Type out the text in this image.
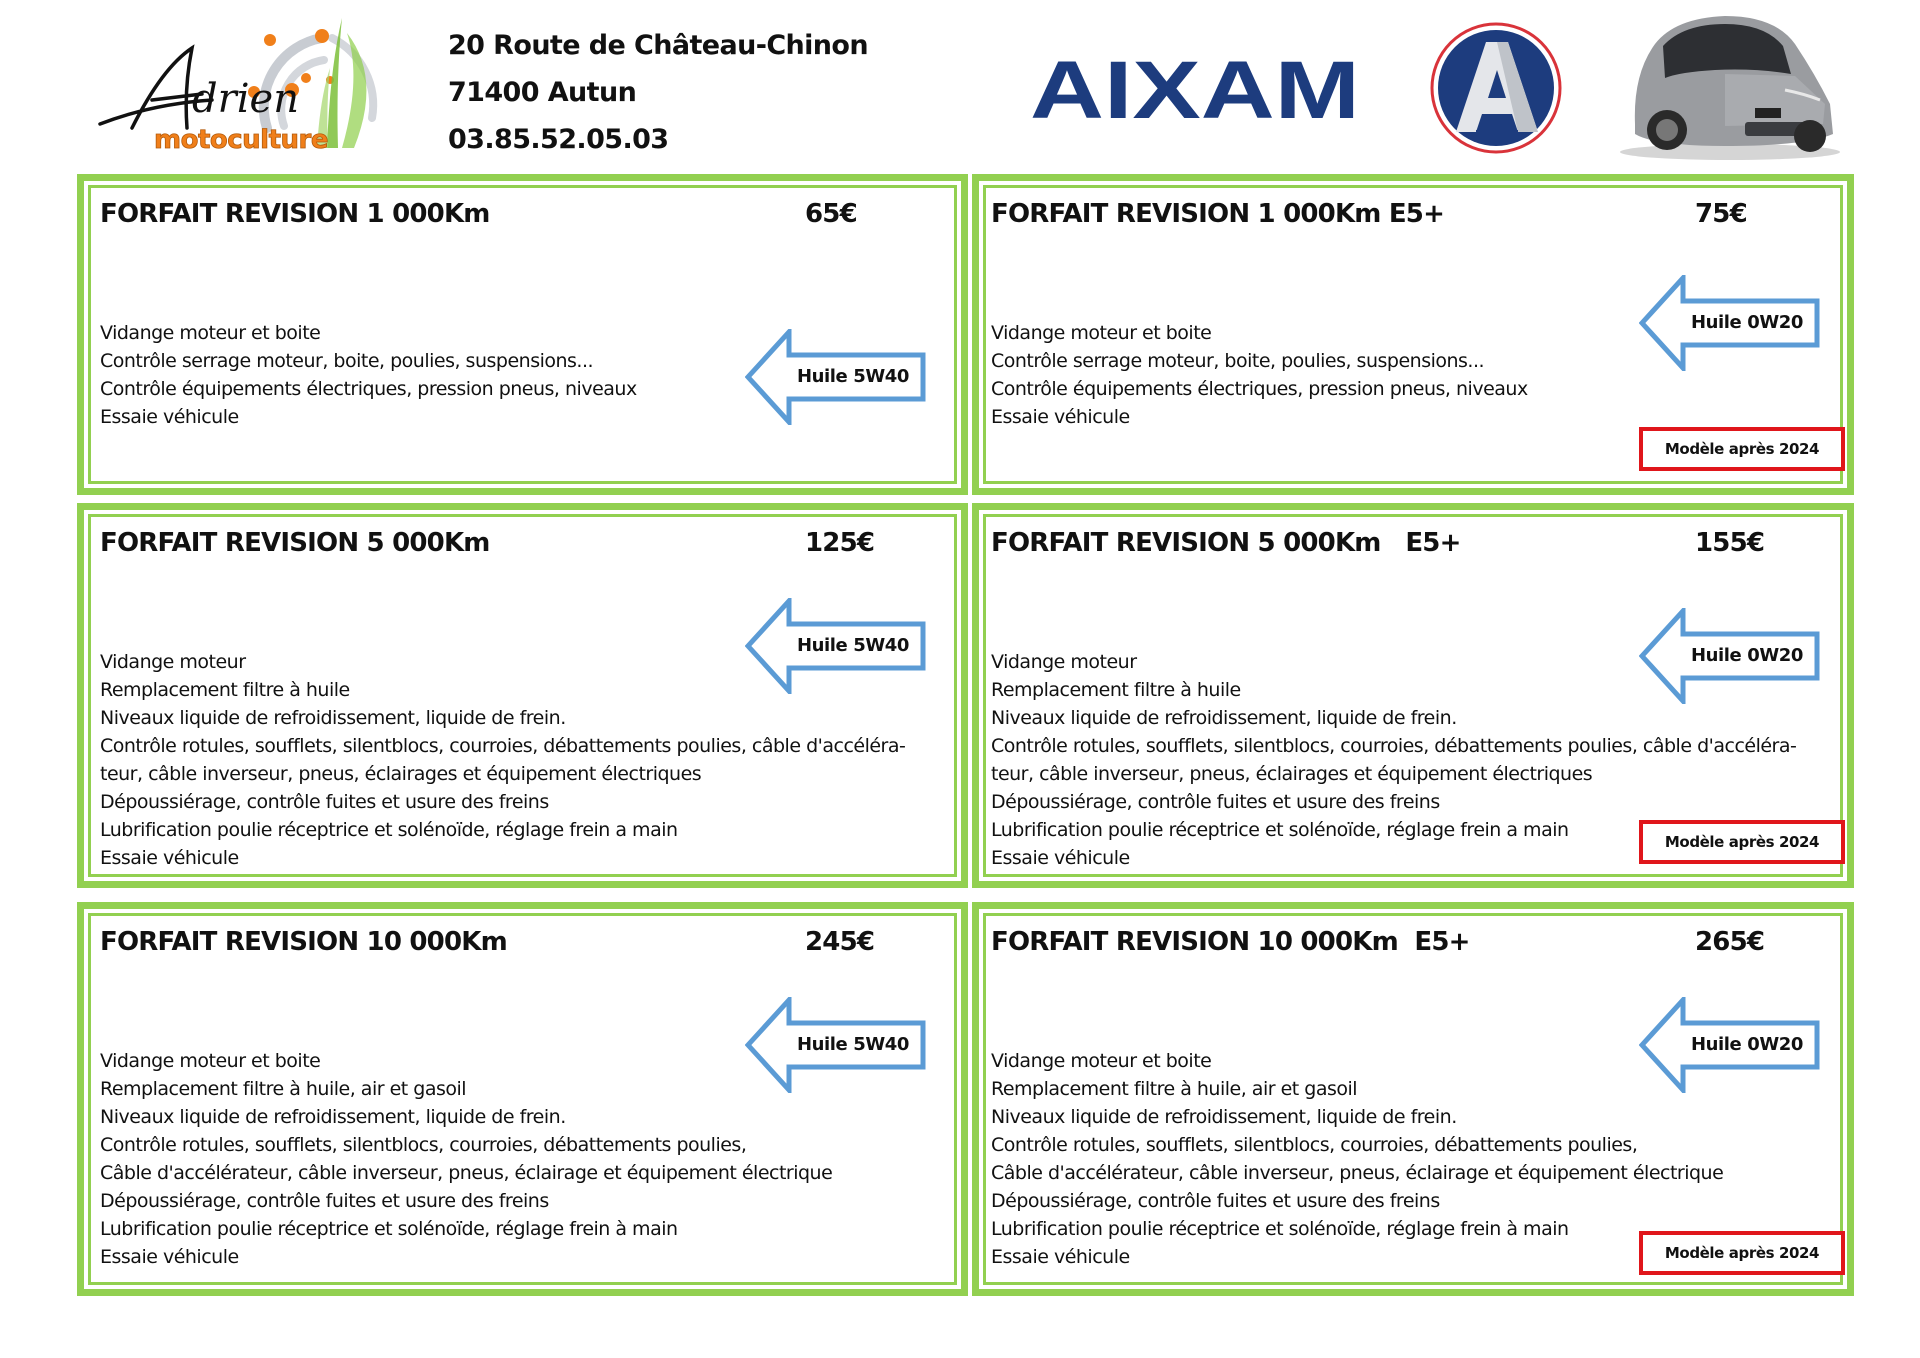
drien
motoculture
20 Route de Château-Chinon
71400 Autun
03.85.52.05.03
AIXAM
FORFAIT REVISION 1 000Km	65€
Vidange moteur et boite
Contrôle serrage moteur, boite, poulies, suspensions...
Contrôle équipements électriques, pression pneus, niveaux
Essaie véhicule
Huile 5W40
FORFAIT REVISION 1 000Km E5+	75€
Vidange moteur et boite
Contrôle serrage moteur, boite, poulies, suspensions...
Contrôle équipements électriques, pression pneus, niveaux
Essaie véhicule
Huile 0W20
Modèle après 2024
FORFAIT REVISION 5 000Km	125€
Vidange moteur
Remplacement filtre à huile
Niveaux liquide de refroidissement, liquide de frein.
Contrôle rotules, soufflets, silentblocs, courroies, débattements poulies, câble d'accéléra-
teur, câble inverseur, pneus, éclairages et équipement électriques
Dépoussiérage, contrôle fuites et usure des freins
Lubrification poulie réceptrice et solénoïde, réglage frein a main
Essaie véhicule
Huile 5W40
FORFAIT REVISION 5 000Km   E5+	155€
Vidange moteur
Remplacement filtre à huile
Niveaux liquide de refroidissement, liquide de frein.
Contrôle rotules, soufflets, silentblocs, courroies, débattements poulies, câble d'accéléra-
teur, câble inverseur, pneus, éclairages et équipement électriques
Dépoussiérage, contrôle fuites et usure des freins
Lubrification poulie réceptrice et solénoïde, réglage frein a main
Essaie véhicule
Huile 0W20
Modèle après 2024
FORFAIT REVISION 10 000Km	245€
Vidange moteur et boite
Remplacement filtre à huile, air et gasoil
Niveaux liquide de refroidissement, liquide de frein.
Contrôle rotules, soufflets, silentblocs, courroies, débattements poulies,
Câble d'accélérateur, câble inverseur, pneus, éclairage et équipement électrique
Dépoussiérage, contrôle fuites et usure des freins
Lubrification poulie réceptrice et solénoïde, réglage frein à main
Essaie véhicule
Huile 5W40
FORFAIT REVISION 10 000Km  E5+	265€
Vidange moteur et boite
Remplacement filtre à huile, air et gasoil
Niveaux liquide de refroidissement, liquide de frein.
Contrôle rotules, soufflets, silentblocs, courroies, débattements poulies,
Câble d'accélérateur, câble inverseur, pneus, éclairage et équipement électrique
Dépoussiérage, contrôle fuites et usure des freins
Lubrification poulie réceptrice et solénoïde, réglage frein à main
Essaie véhicule
Huile 0W20
Modèle après 2024
